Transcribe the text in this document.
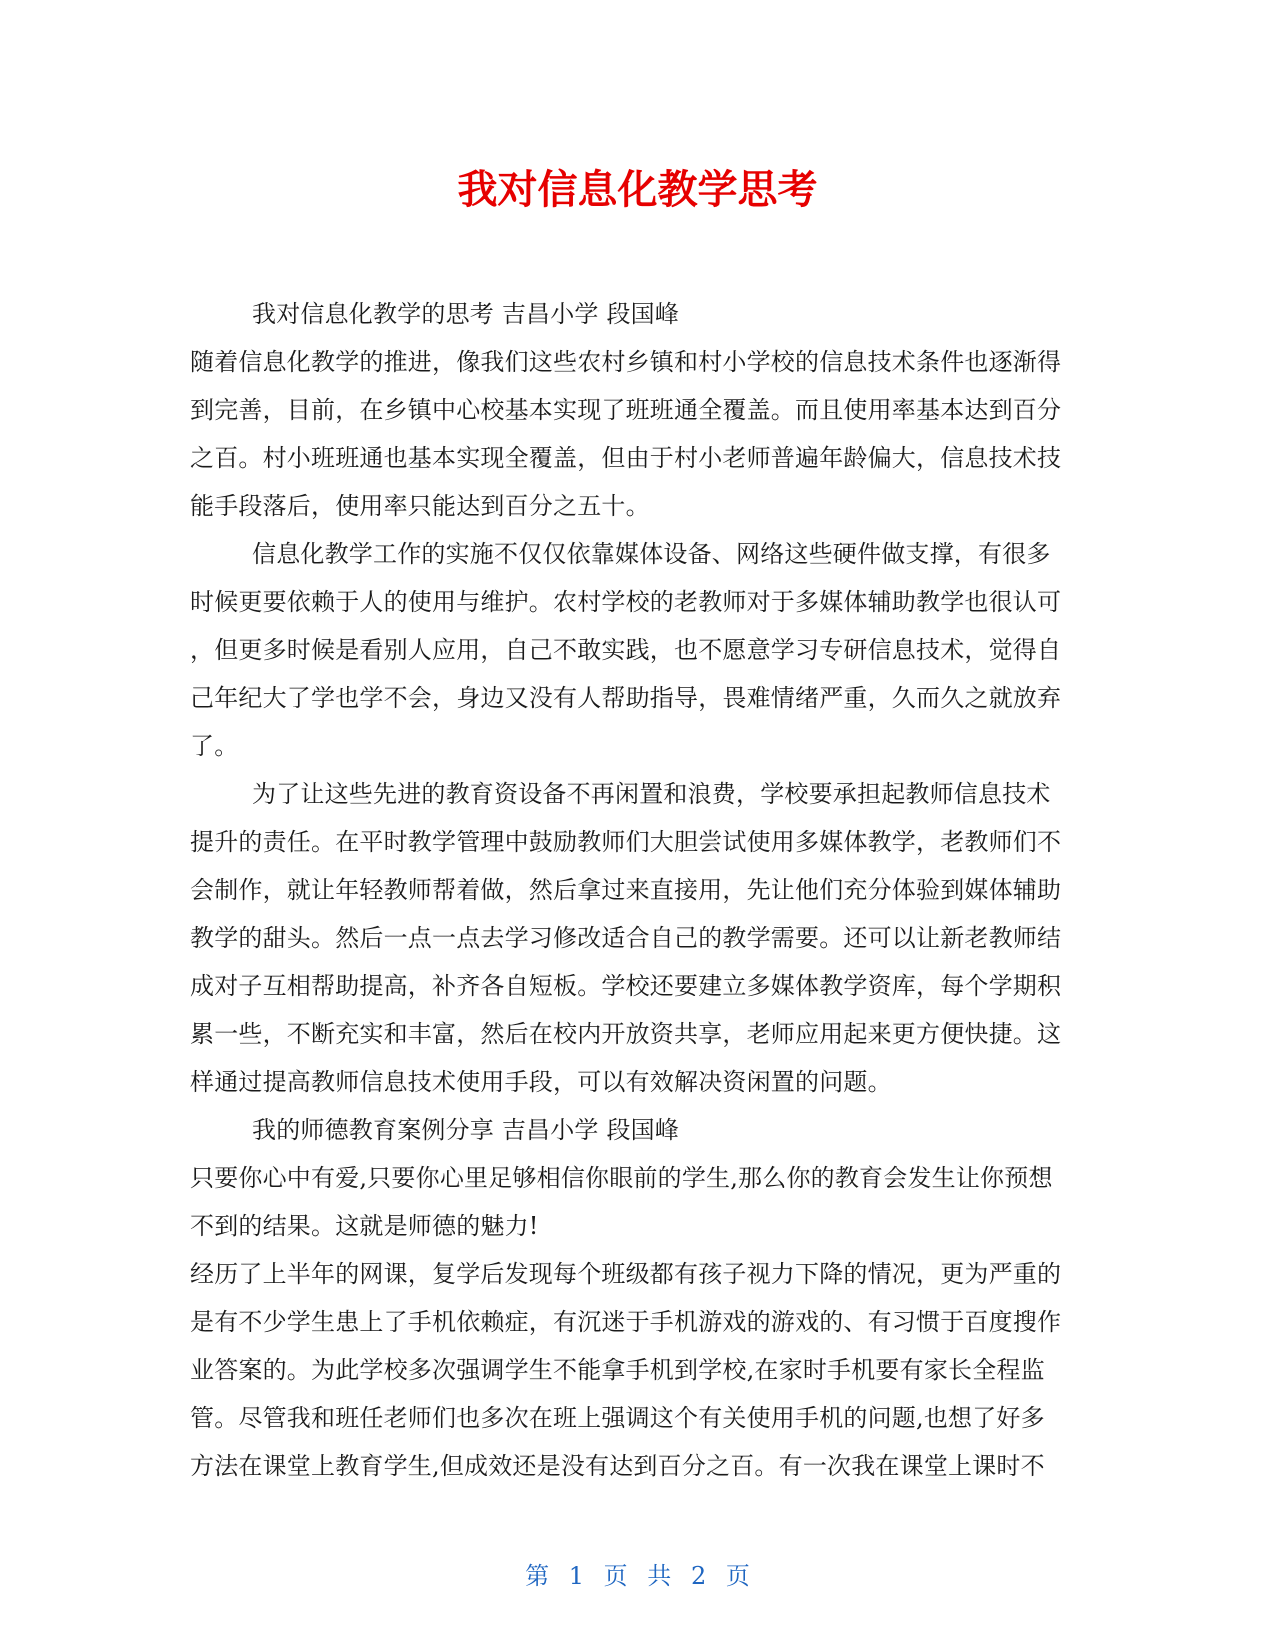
我对信息化教学思考
我对信息化教学的思考 吉昌小学 段国峰
随着信息化教学的推进，像我们这些农村乡镇和村小学校的信息技术条件也逐渐得
到完善，目前，在乡镇中心校基本实现了班班通全覆盖。而且使用率基本达到百分
之百。村小班班通也基本实现全覆盖，但由于村小老师普遍年龄偏大，信息技术技
能手段落后，使用率只能达到百分之五十。
信息化教学工作的实施不仅仅依靠媒体设备、网络这些硬件做支撑，有很多
时候更要依赖于人的使用与维护。农村学校的老教师对于多媒体辅助教学也很认可
，但更多时候是看别人应用，自己不敢实践，也不愿意学习专研信息技术，觉得自
己年纪大了学也学不会，身边又没有人帮助指导，畏难情绪严重，久而久之就放弃
了。
为了让这些先进的教育资设备不再闲置和浪费，学校要承担起教师信息技术
提升的责任。在平时教学管理中鼓励教师们大胆尝试使用多媒体教学，老教师们不
会制作，就让年轻教师帮着做，然后拿过来直接用，先让他们充分体验到媒体辅助
教学的甜头。然后一点一点去学习修改适合自己的教学需要。还可以让新老教师结
成对子互相帮助提高，补齐各自短板。学校还要建立多媒体教学资库，每个学期积
累一些，不断充实和丰富，然后在校内开放资共享，老师应用起来更方便快捷。这
样通过提高教师信息技术使用手段，可以有效解决资闲置的问题。
我的师德教育案例分享 吉昌小学 段国峰
只要你心中有爱,只要你心里足够相信你眼前的学生,那么你的教育会发生让你预想
不到的结果。这就是师德的魅力!
经历了上半年的网课，复学后发现每个班级都有孩子视力下降的情况，更为严重的
是有不少学生患上了手机依赖症，有沉迷于手机游戏的游戏的、有习惯于百度搜作
业答案的。为此学校多次强调学生不能拿手机到学校,在家时手机要有家长全程监
管。尽管我和班任老师们也多次在班上强调这个有关使用手机的问题,也想了好多
方法在课堂上教育学生,但成效还是没有达到百分之百。有一次我在课堂上课时不
第 1 页 共 2 页
